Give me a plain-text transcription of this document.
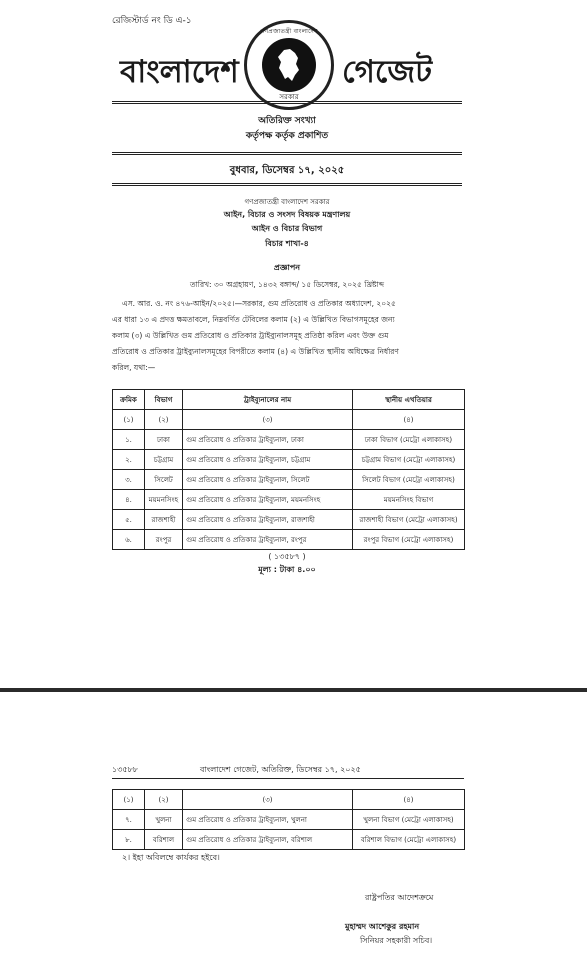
রেজিস্টার্ড নং ডি এ-১
বাংলাদেশ
গণপ্রজাতন্ত্রী বাংলাদেশ
সরকার
গেজেট
অতিরিক্ত সংখ্যা
কর্তৃপক্ষ কর্তৃক প্রকাশিত
বুধবার, ডিসেম্বর ১৭, ২০২৫
গণপ্রজাতন্ত্রী বাংলাদেশ সরকার
আইন, বিচার ও সংসদ বিষয়ক মন্ত্রণালয়
আইন ও বিচার বিভাগ
বিচার শাখা-৪
প্রজ্ঞাপন
তারিখ: ৩০ অগ্রহায়ণ, ১৪৩২ বঙ্গাব্দ/ ১৫ ডিসেম্বর, ২০২৫ খ্রিষ্টাব্দ
এস. আর. ও. নং ৪৭৬-আইন/২০২৫।—সরকার, গুম প্রতিরোধ ও প্রতিকার অধ্যাদেশ, ২০২৫
এর ধারা ১৩ এ প্রদত্ত ক্ষমতাবলে, নিম্নবর্ণিত টেবিলের কলাম (২) এ উল্লিখিত বিভাগসমূহের জন্য
কলাম (৩) এ উল্লিখিত গুম প্রতিরোধ ও প্রতিকার ট্রাইব্যুনালসমূহ প্রতিষ্ঠা করিল এবং উক্ত গুম
প্রতিরোধ ও প্রতিকার ট্রাইব্যুনালসমূহের বিপরীতে কলাম (৪) এ উল্লিখিত স্থানীয় অধিক্ষেত্র নির্ধারণ
করিল, যথা:—
ক্রমিক	বিভাগ	ট্রাইব্যুনালের নাম	স্থানীয় এখতিয়ার
(১)	(২)	(৩)	(৪)
১.	ঢাকা	গুম প্রতিরোধ ও প্রতিকার ট্রাইব্যুনাল, ঢাকা	ঢাকা বিভাগ (মেট্রো এলাকাসহ)
২.	চট্টগ্রাম	গুম প্রতিরোধ ও প্রতিকার ট্রাইব্যুনাল, চট্টগ্রাম	চট্টগ্রাম বিভাগ (মেট্রো এলাকাসহ)
৩.	সিলেট	গুম প্রতিরোধ ও প্রতিকার ট্রাইব্যুনাল, সিলেট	সিলেট বিভাগ (মেট্রো এলাকাসহ)
৪.	ময়মনসিংহ	গুম প্রতিরোধ ও প্রতিকার ট্রাইব্যুনাল, ময়মনসিংহ	ময়মনসিংহ বিভাগ
৫.	রাজশাহী	গুম প্রতিরোধ ও প্রতিকার ট্রাইব্যুনাল, রাজশাহী	রাজশাহী বিভাগ (মেট্রো এলাকাসহ)
৬.	রংপুর	গুম প্রতিরোধ ও প্রতিকার ট্রাইব্যুনাল, রংপুর	রংপুর বিভাগ (মেট্রো এলাকাসহ)
( ১৩৫৮৭ )
মূল্য : টাকা ৪.০০
১৩৫৮৮	বাংলাদেশ গেজেট, অতিরিক্ত, ডিসেম্বর ১৭, ২০২৫
(১)	(২)	(৩)	(৪)
৭.	খুলনা	গুম প্রতিরোধ ও প্রতিকার ট্রাইব্যুনাল, খুলনা	খুলনা বিভাগ (মেট্রো এলাকাসহ)
৮.	বরিশাল	গুম প্রতিরোধ ও প্রতিকার ট্রাইব্যুনাল, বরিশাল	বরিশাল বিভাগ (মেট্রো এলাকাসহ)
২। ইহা অবিলম্বে কার্যকর হইবে।
রাষ্ট্রপতির আদেশক্রমে
মুহাম্মদ আশেকুর রহমান
সিনিয়র সহকারী সচিব।
